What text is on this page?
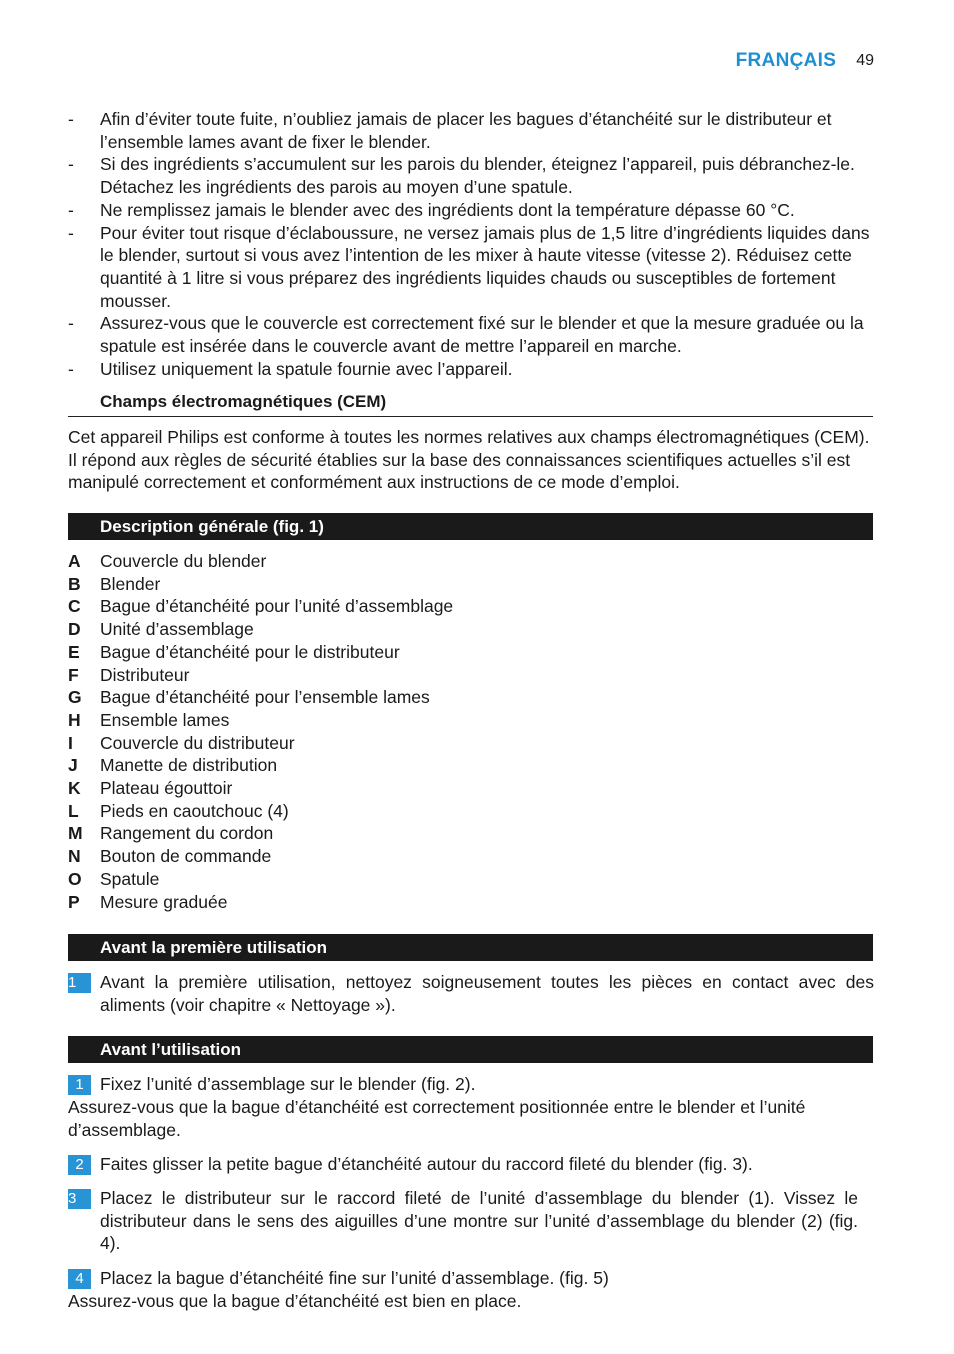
FRANÇAIS 49
- Afin d’éviter toute fuite, n’oubliez jamais de placer les bagues d’étanchéité sur le distributeur et l’ensemble lames avant de fixer le blender.
- Si des ingrédients s’accumulent sur les parois du blender, éteignez l’appareil, puis débranchez-le. Détachez les ingrédients des parois au moyen d’une spatule.
- Ne remplissez jamais le blender avec des ingrédients dont la température dépasse 60 °C.
- Pour éviter tout risque d’éclaboussure, ne versez jamais plus de 1,5 litre d’ingrédients liquides dans le blender, surtout si vous avez l’intention de les mixer à haute vitesse (vitesse 2). Réduisez cette quantité à 1 litre si vous préparez des ingrédients liquides chauds ou susceptibles de fortement mousser.
- Assurez-vous que le couvercle est correctement fixé sur le blender et que la mesure graduée ou la spatule est insérée dans le couvercle avant de mettre l’appareil en marche.
- Utilisez uniquement la spatule fournie avec l’appareil.
Champs électromagnétiques (CEM)
Cet appareil Philips est conforme à toutes les normes relatives aux champs électromagnétiques (CEM). Il répond aux règles de sécurité établies sur la base des connaissances scientifiques actuelles s’il est manipulé correctement et conformément aux instructions de ce mode d’emploi.
Description générale (fig. 1)
A Couvercle du blender
B Blender
C Bague d’étanchéité pour l’unité d’assemblage
D Unité d’assemblage
E Bague d’étanchéité pour le distributeur
F Distributeur
G Bague d’étanchéité pour l’ensemble lames
H Ensemble lames
I Couvercle du distributeur
J Manette de distribution
K Plateau égouttoir
L Pieds en caoutchouc (4)
M Rangement du cordon
N Bouton de commande
O Spatule
P Mesure graduée
Avant la première utilisation
1	Avant la première utilisation, nettoyez soigneusement toutes les pièces en contact avec des aliments (voir chapitre « Nettoyage »).
Avant l’utilisation
1 Fixez l’unité d’assemblage sur le blender (fig. 2).
Assurez-vous que la bague d’étanchéité est correctement positionnée entre le blender et l’unité d’assemblage.
2 Faites glisser la petite bague d’étanchéité autour du raccord fileté du blender (fig. 3).
3	Placez le distributeur sur le raccord fileté de l’unité d’assemblage du blender (1). Vissez le distributeur dans le sens des aiguilles d’une montre sur l’unité d’assemblage du blender (2) (fig. 4).
4 Placez la bague d’étanchéité fine sur l’unité d’assemblage. (fig. 5)
Assurez-vous que la bague d’étanchéité est bien en place.
